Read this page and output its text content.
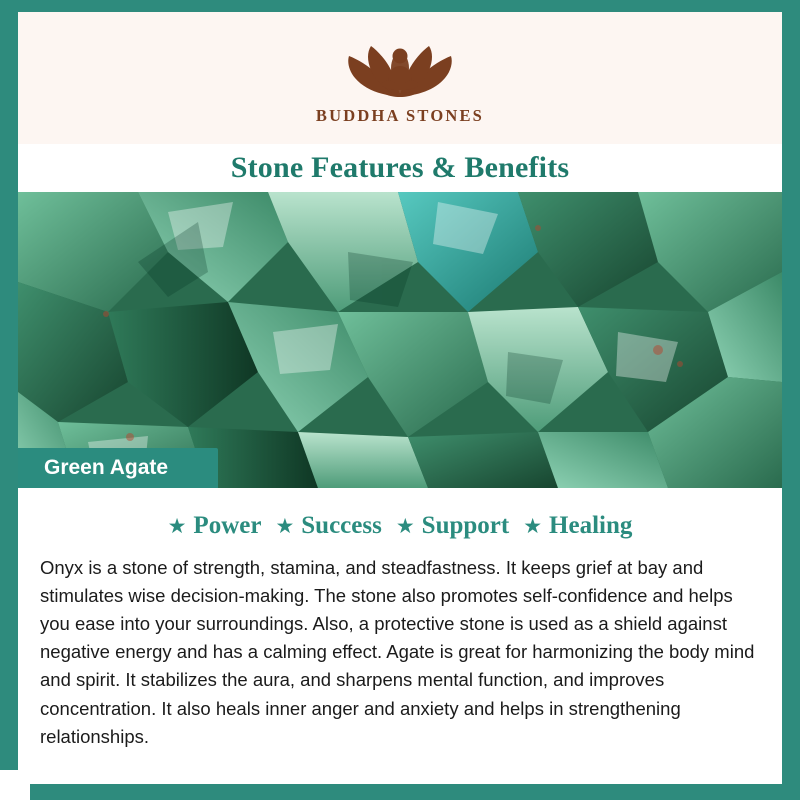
BUDDHA STONES
Stone Features & Benefits
Green Agate
★ Power ★ Success ★ Support ★ Healing

Onyx is a stone of strength, stamina, and steadfastness. It keeps grief at bay and stimulates wise decision-making. The stone also promotes self-confidence and helps you ease into your surroundings. Also, a protective stone is used as a shield against negative energy and has a calming effect. Agate is great for harmonizing the body mind and spirit. It stabilizes the aura, and sharpens mental function, and improves concentration. It also heals inner anger and anxiety and helps in strengthening relationships.
